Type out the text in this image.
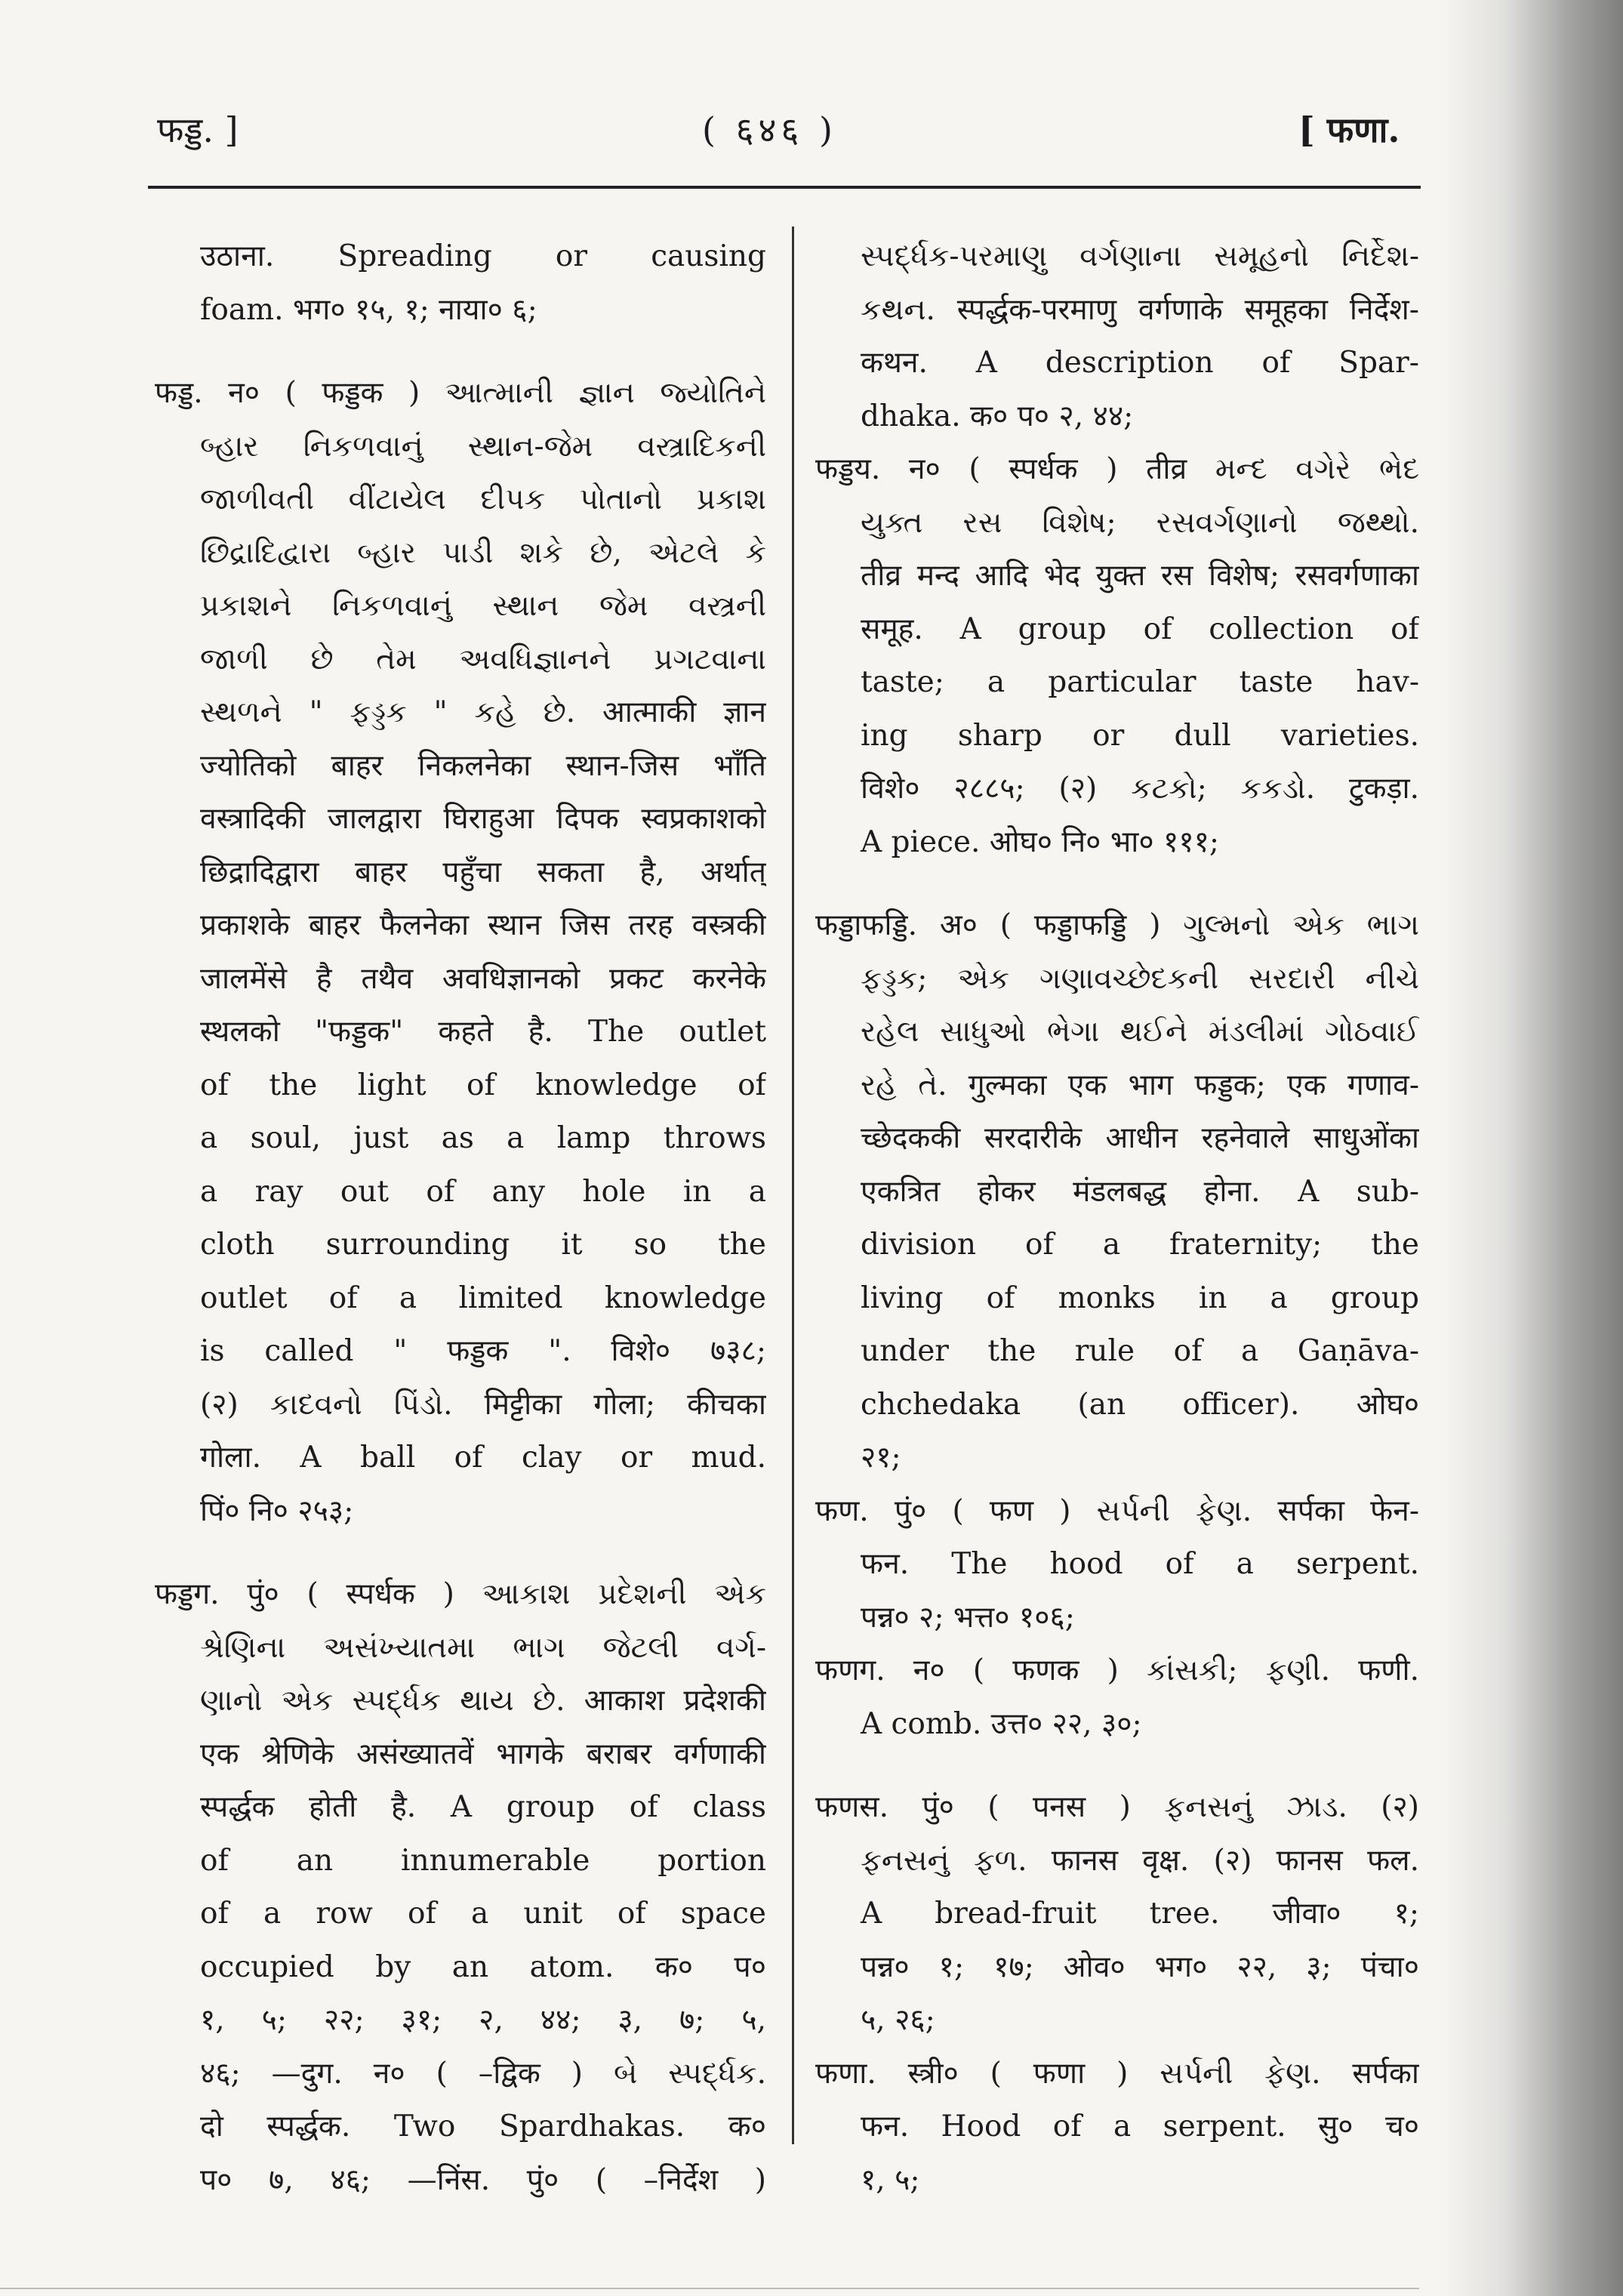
फड्ड. ]	( ६४६ )	[ फणा.
उठाना. Spreading or causing
foam. भग० १५, १; नाया० ६;
फड्ड. न० ( फड्डक ) આત્માની જ્ઞાન જ્યોતિને
બ્હાર નિકળવાનું સ્થાન-જેમ વસ્ત્રાદિકની
જાળીવતી વીંટાયેલ દીપક પોતાનો પ્રકાશ
છિદ્રાદિદ્વારા બ્હાર પાડી શકે છે, એટલે કે
પ્રકાશને નિકળવાનું સ્થાન જેમ વસ્ત્રની
જાળી છે તેમ અવધિજ્ઞાનને પ્રગટવાના
સ્થળને " ફડ્ડક " કહે છે. आत्माकी ज्ञान
ज्योतिको बाहर निकलनेका स्थान-जिस भाँति
वस्त्रादिकी जालद्वारा घिराहुआ दिपक स्वप्रकाशको
छिद्रादिद्वारा बाहर पहुँचा सकता है, अर्थात्
प्रकाशके बाहर फैलनेका स्थान जिस तरह वस्त्रकी
जालमेंसे है तथैव अवधिज्ञानको प्रकट करनेके
स्थलको "फड्डक" कहते है. The outlet
of the light of knowledge of
a soul, just as a lamp throws
a ray out of any hole in a
cloth surrounding it so the
outlet of a limited knowledge
is called " फड्डक ". विशे० ७३८;
(२) કાદવનો પિંડો. मिट्टीका गोला; कीचका
गोला. A ball of clay or mud.
पिं० नि० २५३;
फड्डग. पुं० ( स्पर्धक ) આકાશ પ્રદેશની એક
શ્રેણિના અસંખ્યાતમા ભાગ જેટલી વર્ગ-
ણાનો એક સ્પર્દ્ધક થાય છે. आकाश प्रदेशकी
एक श्रेणिके असंख्यातवें भागके बराबर वर्गणाकी
स्पर्द्धक होती है. A group of class
of an innumerable portion
of a row of a unit of space
occupied by an atom. क० प०
१, ५; २२; ३१; २, ४४; ३, ७; ५,
४६; —दुग. न० ( –द्विक ) બે સ્પર્દ્ધક.
दो स्पर्द्धक. Two Spardhakas. क०
प० ७, ४६; —निंस. पुं० ( –निर्देश )
સ્પર્દ્ધક-પરમાણુ વર્ગણાના સમૂહનો નિર્દેશ-
કથન. स्पर्द्धक-परमाणु वर्गणाके समूहका निर्देश-
कथन. A description of Spar-
dhaka. क० प० २, ४४;
फड्डय. न० ( स्पर्धक ) तीव्र મન્દ વગેરે ભેદ
યુક્ત રસ વિશેષ; રસવર્ગણાનો જથ્થો.
तीव्र मन्द आदि भेद युक्त रस विशेष; रसवर्गणाका
समूह. A group of collection of
taste; a particular taste hav-
ing sharp or dull varieties.
विशे० २८८५; (२) કટકો; કકડો. टुकड़ा.
A piece. ओघ० नि० भा० १११;
फड्डाफड्डि. अ० ( फड्डाफड्डि ) ગુલ્મનો એક ભાગ
ફડ્ડક; એક ગણાવચ્છેદકની સરદારી નીચે
રહેલ સાધુઓ ભેગા થઈને મંડલીમાં ગોઠવાઈ
રહે તે. गुल्मका एक भाग फड्डक; एक गणाव-
च्छेदककी सरदारीके आधीन रहनेवाले साधुओंका
एकत्रित होकर मंडलबद्ध होना. A sub-
division of a fraternity; the
living of monks in a group
under the rule of a Gaṇāva-
chchedaka (an officer). ओघ०
२१;
फण. पुं० ( फण ) સર્પની ફેણ. सर्पका फेन-
फन. The hood of a serpent.
पन्न० २; भत्त० १०६;
फणग. न० ( फणक ) કાંસકી; ફણી. फणी.
A comb. उत्त० २२, ३०;
फणस. पुं० ( पनस ) ફનસનું ઝાડ. (२)
ફનસનું ફળ. फानस वृक्ष. (२) फानस फल.
A bread-fruit tree. जीवा० १;
पन्न० १; १७; ओव० भग० २२, ३; पंचा०
५, २६;
फणा. स्त्री० ( फणा ) સર્પની ફેણ. सर्पका
फन. Hood of a serpent. सु० च०
१, ५;
